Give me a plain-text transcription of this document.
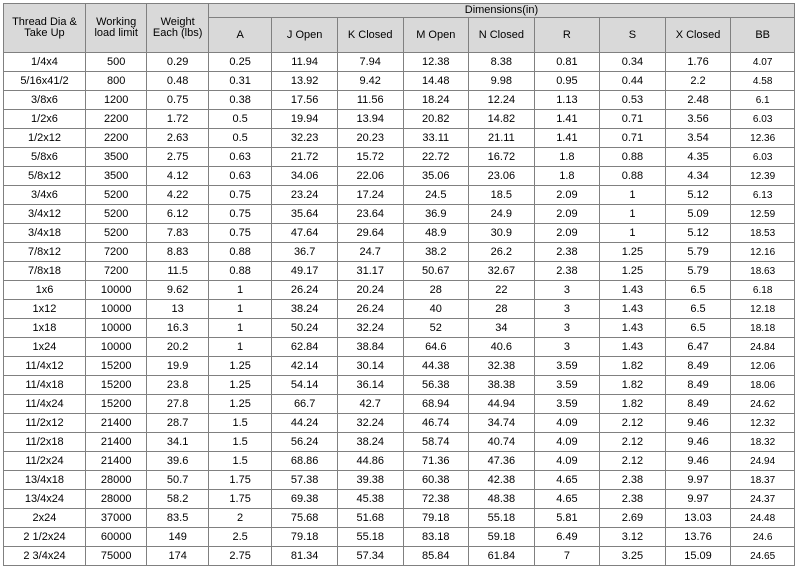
Thread Dia & Take Up	Working load limit	Weight Each (lbs)	Dimensions(in)								
			A	J Open	K Closed	M Open	N Closed	R	S	X Closed	BB
1/4x4	500	0.29	0.25	11.94	7.94	12.38	8.38	0.81	0.34	1.76	4.07
5/16x41/2	800	0.48	0.31	13.92	9.42	14.48	9.98	0.95	0.44	2.2	4.58
3/8x6	1200	0.75	0.38	17.56	11.56	18.24	12.24	1.13	0.53	2.48	6.1
1/2x6	2200	1.72	0.5	19.94	13.94	20.82	14.82	1.41	0.71	3.56	6.03
1/2x12	2200	2.63	0.5	32.23	20.23	33.11	21.11	1.41	0.71	3.54	12.36
5/8x6	3500	2.75	0.63	21.72	15.72	22.72	16.72	1.8	0.88	4.35	6.03
5/8x12	3500	4.12	0.63	34.06	22.06	35.06	23.06	1.8	0.88	4.34	12.39
3/4x6	5200	4.22	0.75	23.24	17.24	24.5	18.5	2.09	1	5.12	6.13
3/4x12	5200	6.12	0.75	35.64	23.64	36.9	24.9	2.09	1	5.09	12.59
3/4x18	5200	7.83	0.75	47.64	29.64	48.9	30.9	2.09	1	5.12	18.53
7/8x12	7200	8.83	0.88	36.7	24.7	38.2	26.2	2.38	1.25	5.79	12.16
7/8x18	7200	11.5	0.88	49.17	31.17	50.67	32.67	2.38	1.25	5.79	18.63
1x6	10000	9.62	1	26.24	20.24	28	22	3	1.43	6.5	6.18
1x12	10000	13	1	38.24	26.24	40	28	3	1.43	6.5	12.18
1x18	10000	16.3	1	50.24	32.24	52	34	3	1.43	6.5	18.18
1x24	10000	20.2	1	62.84	38.84	64.6	40.6	3	1.43	6.47	24.84
11/4x12	15200	19.9	1.25	42.14	30.14	44.38	32.38	3.59	1.82	8.49	12.06
11/4x18	15200	23.8	1.25	54.14	36.14	56.38	38.38	3.59	1.82	8.49	18.06
11/4x24	15200	27.8	1.25	66.7	42.7	68.94	44.94	3.59	1.82	8.49	24.62
11/2x12	21400	28.7	1.5	44.24	32.24	46.74	34.74	4.09	2.12	9.46	12.32
11/2x18	21400	34.1	1.5	56.24	38.24	58.74	40.74	4.09	2.12	9.46	18.32
11/2x24	21400	39.6	1.5	68.86	44.86	71.36	47.36	4.09	2.12	9.46	24.94
13/4x18	28000	50.7	1.75	57.38	39.38	60.38	42.38	4.65	2.38	9.97	18.37
13/4x24	28000	58.2	1.75	69.38	45.38	72.38	48.38	4.65	2.38	9.97	24.37
2x24	37000	83.5	2	75.68	51.68	79.18	55.18	5.81	2.69	13.03	24.48
2 1/2x24	60000	149	2.5	79.18	55.18	83.18	59.18	6.49	3.12	13.76	24.6
2 3/4x24	75000	174	2.75	81.34	57.34	85.84	61.84	7	3.25	15.09	24.65
